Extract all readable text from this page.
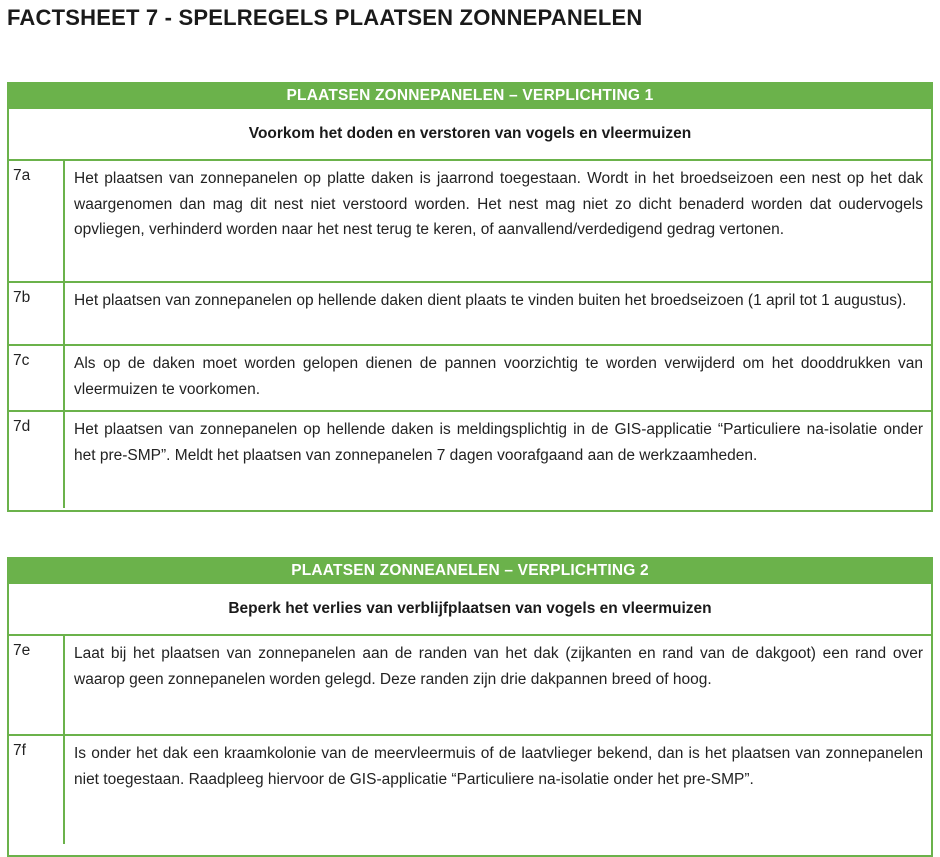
FACTSHEET 7 - SPELREGELS PLAATSEN ZONNEPANELEN
PLAATSEN ZONNEPANELEN – VERPLICHTING 1
Voorkom het doden en verstoren van vogels en vleermuizen
7a	Het plaatsen van zonnepanelen op platte daken is jaarrond toegestaan. Wordt in het broedseizoen een nest op het dak waargenomen dan mag dit nest niet verstoord worden. Het nest mag niet zo dicht benaderd worden dat oudervogels opvliegen, verhinderd worden naar het nest terug te keren, of aanvallend/verdedigend gedrag vertonen.
7b	Het plaatsen van zonnepanelen op hellende daken dient plaats te vinden buiten het broedseizoen (1 april tot 1 augustus).
7c	Als op de daken moet worden gelopen dienen de pannen voorzichtig te worden verwijderd om het dooddrukken van vleermuizen te voorkomen.
7d	Het plaatsen van zonnepanelen op hellende daken is meldingsplichtig in de GIS-applicatie “Particuliere na-isolatie onder het pre-SMP”. Meldt het plaatsen van zonnepanelen 7 dagen voorafgaand aan de werkzaamheden.
PLAATSEN ZONNEANELEN – VERPLICHTING 2
Beperk het verlies van verblijfplaatsen van vogels en vleermuizen
7e	Laat bij het plaatsen van zonnepanelen aan de randen van het dak (zijkanten en rand van de dakgoot) een rand over waarop geen zonnepanelen worden gelegd. Deze randen zijn drie dakpannen breed of hoog.
7f	Is onder het dak een kraamkolonie van de meervleermuis of de laatvlieger bekend, dan is het plaatsen van zonnepanelen niet toegestaan. Raadpleeg hiervoor de GIS-applicatie “Particuliere na-isolatie onder het pre-SMP”.
